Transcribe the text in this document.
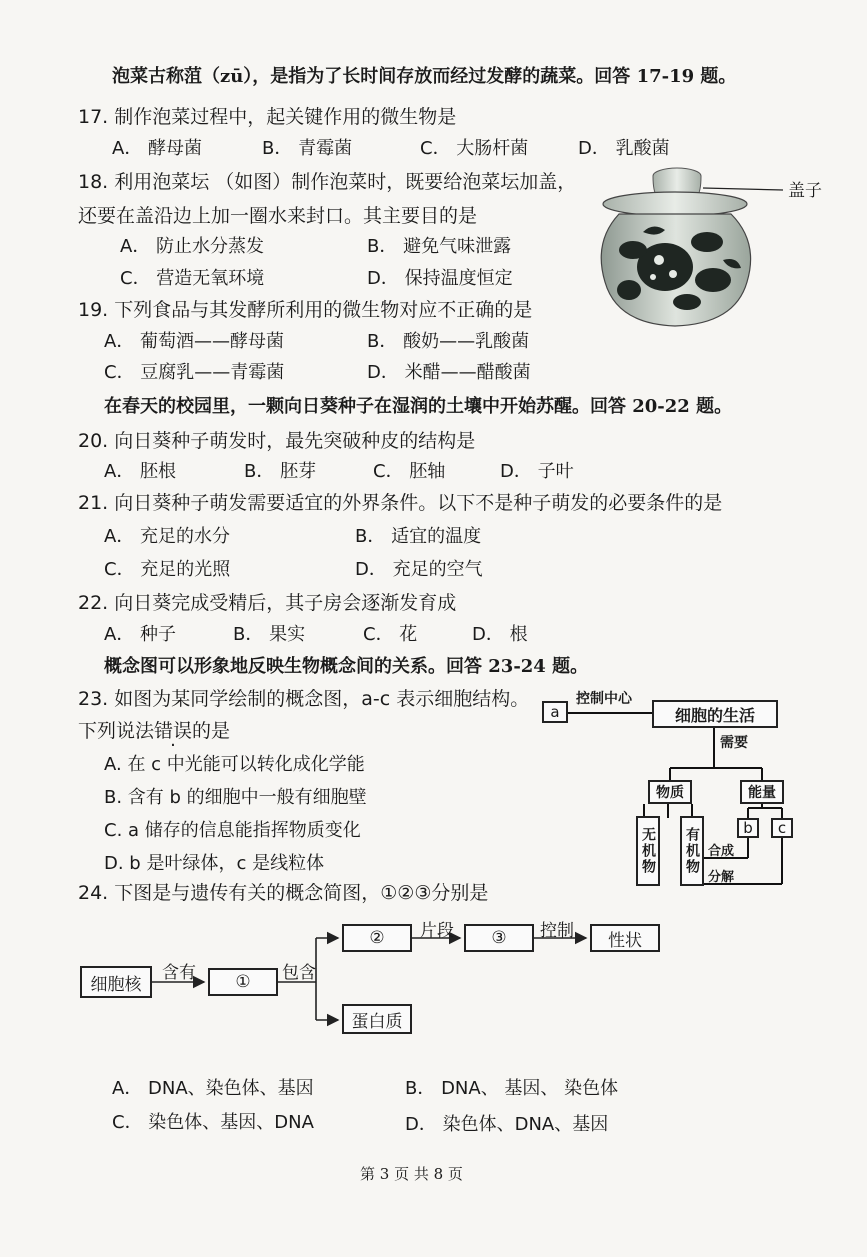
泡菜古称菹（zū），是指为了长时间存放而经过发酵的蔬菜。回答 17-19 题。
17. 制作泡菜过程中，起关键作用的微生物是
A． 酵母菌	B． 青霉菌	C． 大肠杆菌	D． 乳酸菌
18. 利用泡菜坛 （如图）制作泡菜时，既要给泡菜坛加盖，
还要在盖沿边上加一圈水来封口。其主要目的是
A． 防止水分蒸发	B． 避免气味泄露
C． 营造无氧环境	D． 保持温度恒定
盖子
19. 下列食品与其发酵所利用的微生物对应不正确的是
A． 葡萄酒——酵母菌	B． 酸奶——乳酸菌
C． 豆腐乳——青霉菌	D． 米醋——醋酸菌
在春天的校园里，一颗向日葵种子在湿润的土壤中开始苏醒。回答 20-22 题。
20. 向日葵种子萌发时，最先突破种皮的结构是
A． 胚根	B． 胚芽	C． 胚轴	D． 子叶
21. 向日葵种子萌发需要适宜的外界条件。以下不是种子萌发的必要条件的是
A． 充足的水分	B． 适宜的温度
C． 充足的光照	D． 充足的空气
22. 向日葵完成受精后，其子房会逐渐发育成
A． 种子	B． 果实	C． 花	D． 根
概念图可以形象地反映生物概念间的关系。回答 23-24 题。
23. 如图为某同学绘制的概念图，a-c 表示细胞结构。
下列说法错误的是
A. 在 c 中光能可以转化成化学能
B. 含有 b 的细胞中一般有细胞壁
C. a 储存的信息能指挥物质变化
D. b 是叶绿体，c 是线粒体
a
控制中心
细胞的生活
需要
物质	能量
无机物 有机物	b	c
合成
分解
24. 下图是与遗传有关的概念简图，①②③分别是
细胞核
含有	①	包含
②	片段	③	控制	性状
蛋白质
A． DNA、染色体、基因	B． DNA、 基因、 染色体
C． 染色体、基因、DNA	D． 染色体、DNA、基因
第 3 页 共 8 页
